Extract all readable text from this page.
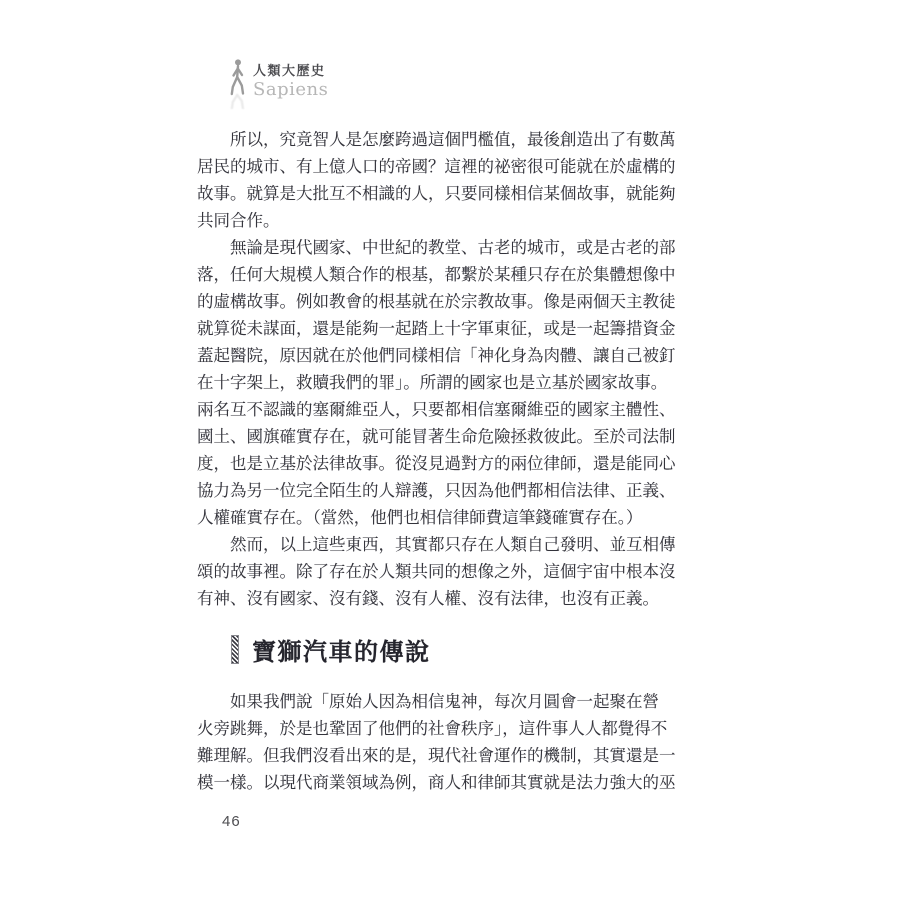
人類大歷史
Sapiens
所以，究竟智人是怎麼跨過這個門檻值，最後創造出了有數萬
居民的城市、有上億人口的帝國？這裡的祕密很可能就在於虛構的
故事。就算是大批互不相識的人，只要同樣相信某個故事，就能夠
共同合作。
無論是現代國家、中世紀的教堂、古老的城市，或是古老的部
落，任何大規模人類合作的根基，都繫於某種只存在於集體想像中
的虛構故事。例如教會的根基就在於宗教故事。像是兩個天主教徒
就算從未謀面，還是能夠一起踏上十字軍東征，或是一起籌措資金
蓋起醫院，原因就在於他們同樣相信「神化身為肉體、讓自己被釘
在十字架上，救贖我們的罪」。所謂的國家也是立基於國家故事。
兩名互不認識的塞爾維亞人，只要都相信塞爾維亞的國家主體性、
國土、國旗確實存在，就可能冒著生命危險拯救彼此。至於司法制
度，也是立基於法律故事。從沒見過對方的兩位律師，還是能同心
協力為另一位完全陌生的人辯護，只因為他們都相信法律、正義、
人權確實存在。（當然，他們也相信律師費這筆錢確實存在。）
然而，以上這些東西，其實都只存在人類自己發明、並互相傳
頌的故事裡。除了存在於人類共同的想像之外，這個宇宙中根本沒
有神、沒有國家、沒有錢、沒有人權、沒有法律，也沒有正義。
寶獅汽車的傳說
如果我們說「原始人因為相信鬼神，每次月圓會一起聚在營
火旁跳舞，於是也鞏固了他們的社會秩序」，這件事人人都覺得不
難理解。但我們沒看出來的是，現代社會運作的機制，其實還是一
模一樣。以現代商業領域為例，商人和律師其實就是法力強大的巫
46
